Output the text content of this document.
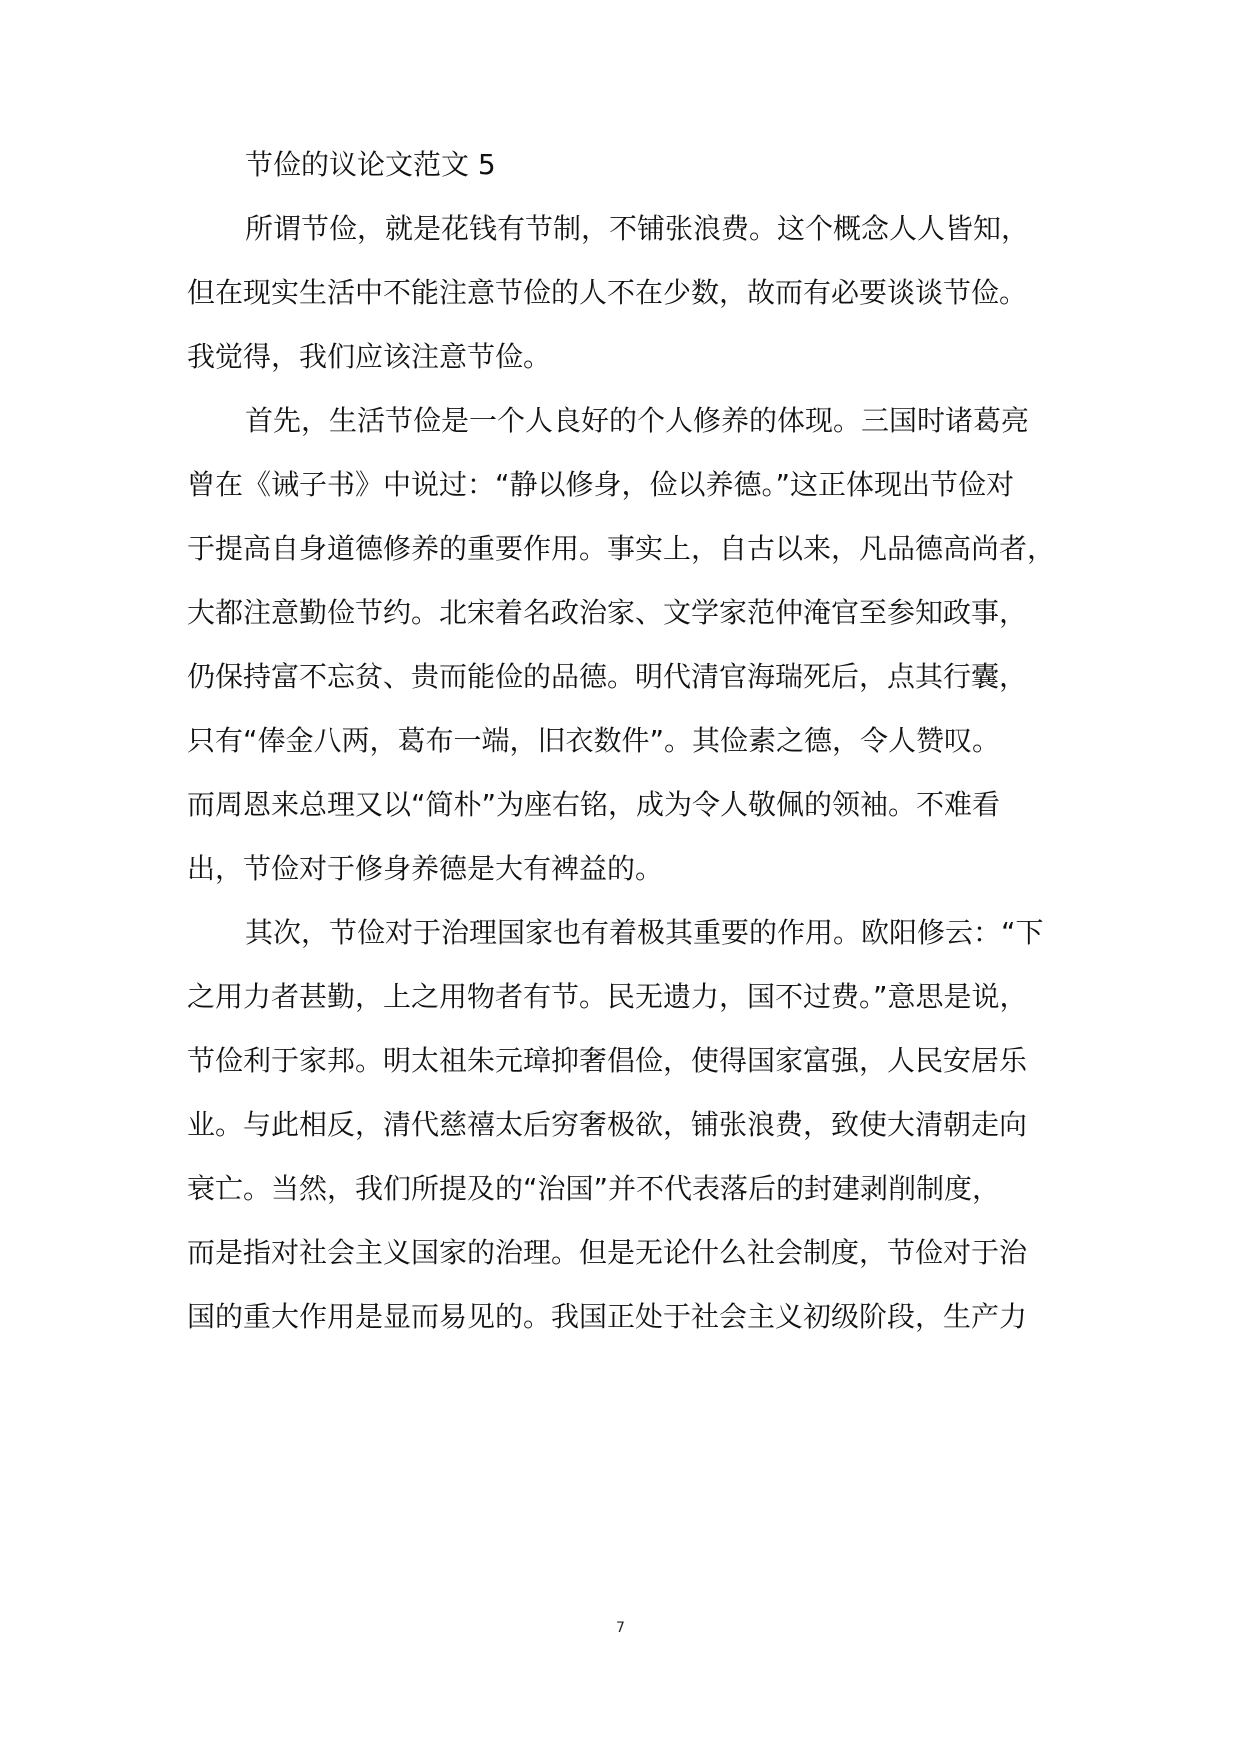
节俭的议论文范文 5
所谓节俭，就是花钱有节制，不铺张浪费。这个概念人人皆知，
但在现实生活中不能注意节俭的人不在少数，故而有必要谈谈节俭。
我觉得，我们应该注意节俭。
首先，生活节俭是一个人良好的个人修养的体现。三国时诸葛亮
曾在《诫子书》中说过：“静以修身，俭以养德。”这正体现出节俭对
于提高自身道德修养的重要作用。事实上，自古以来，凡品德高尚者，
大都注意勤俭节约。北宋着名政治家、文学家范仲淹官至参知政事，
仍保持富不忘贫、贵而能俭的品德。明代清官海瑞死后，点其行囊，
只有“俸金八两，葛布一端，旧衣数件”。其俭素之德，令人赞叹。
而周恩来总理又以“简朴”为座右铭，成为令人敬佩的领袖。不难看
出，节俭对于修身养德是大有裨益的。
其次，节俭对于治理国家也有着极其重要的作用。欧阳修云：“下
之用力者甚勤，上之用物者有节。民无遗力，国不过费。”意思是说，
节俭利于家邦。明太祖朱元璋抑奢倡俭，使得国家富强，人民安居乐
业。与此相反，清代慈禧太后穷奢极欲，铺张浪费，致使大清朝走向
衰亡。当然，我们所提及的“治国”并不代表落后的封建剥削制度，
而是指对社会主义国家的治理。但是无论什么社会制度，节俭对于治
国的重大作用是显而易见的。我国正处于社会主义初级阶段，生产力
7
